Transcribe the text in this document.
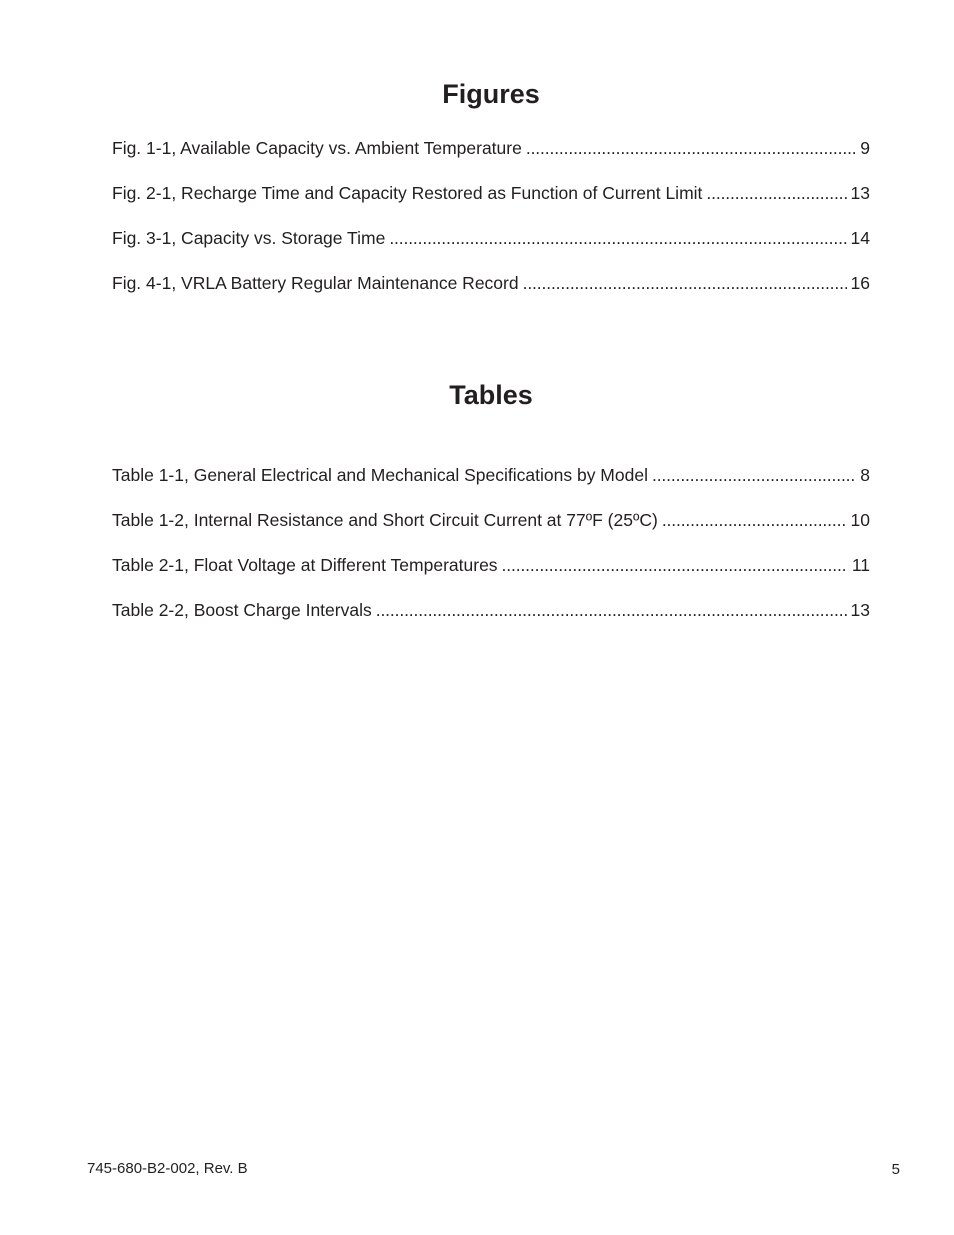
Figures
Fig. 1-1, Available Capacity vs. Ambient Temperature . . .	9
Fig. 2-1, Recharge Time and Capacity Restored as Function of Current Limit . . .	13
Fig. 3-1, Capacity vs. Storage Time . . .	14
Fig. 4-1, VRLA Battery Regular Maintenance Record . . .	16
Tables
Table 1-1, General Electrical and Mechanical Specifications by Model . . .	8
Table 1-2, Internal Resistance and Short Circuit Current at 77ºF (25ºC) . . .	10
Table 2-1, Float Voltage at Different Temperatures . . .	11
Table 2-2, Boost Charge Intervals . . .	13

745-680-B2-002, Rev. B	5
